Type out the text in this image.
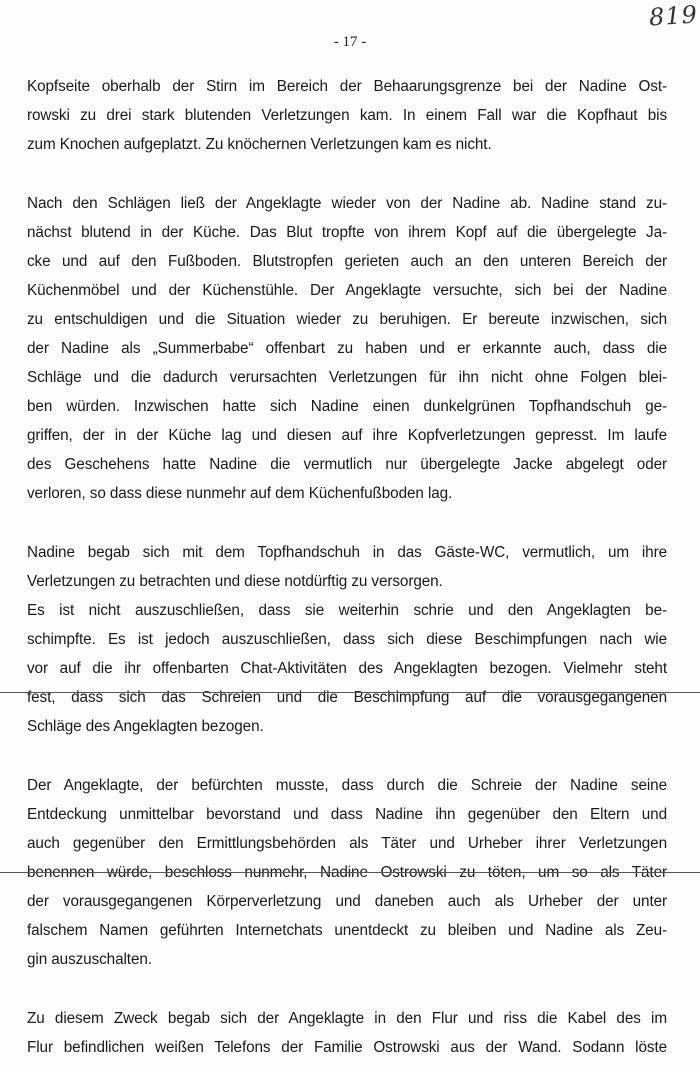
819
- 17 -
Kopfseite oberhalb der Stirn im Bereich der Behaarungsgrenze bei der Nadine Ost-
rowski zu drei stark blutenden Verletzungen kam. In einem Fall war die Kopfhaut bis
zum Knochen aufgeplatzt. Zu knöchernen Verletzungen kam es nicht.
Nach den Schlägen ließ der Angeklagte wieder von der Nadine ab. Nadine stand zu-
nächst blutend in der Küche. Das Blut tropfte von ihrem Kopf auf die übergelegte Ja-
cke und auf den Fußboden. Blutstropfen gerieten auch an den unteren Bereich der
Küchenmöbel und der Küchenstühle. Der Angeklagte versuchte, sich bei der Nadine
zu entschuldigen und die Situation wieder zu beruhigen. Er bereute inzwischen, sich
der Nadine als „Summerbabe“ offenbart zu haben und er erkannte auch, dass die
Schläge und die dadurch verursachten Verletzungen für ihn nicht ohne Folgen blei-
ben würden. Inzwischen hatte sich Nadine einen dunkelgrünen Topfhandschuh ge-
griffen, der in der Küche lag und diesen auf ihre Kopfverletzungen gepresst. Im laufe
des Geschehens hatte Nadine die vermutlich nur übergelegte Jacke abgelegt oder
verloren, so dass diese nunmehr auf dem Küchenfußboden lag.
Nadine begab sich mit dem Topfhandschuh in das Gäste-WC, vermutlich, um ihre
Verletzungen zu betrachten und diese notdürftig zu versorgen.
Es ist nicht auszuschließen, dass sie weiterhin schrie und den Angeklagten be-
schimpfte. Es ist jedoch auszuschließen, dass sich diese Beschimpfungen nach wie
vor auf die ihr offenbarten Chat-Aktivitäten des Angeklagten bezogen. Vielmehr steht
fest, dass sich das Schreien und die Beschimpfung auf die vorausgegangenen
Schläge des Angeklagten bezogen.
Der Angeklagte, der befürchten musste, dass durch die Schreie der Nadine seine
Entdeckung unmittelbar bevorstand und dass Nadine ihn gegenüber den Eltern und
auch gegenüber den Ermittlungsbehörden als Täter und Urheber ihrer Verletzungen
benennen würde, beschloss nunmehr, Nadine Ostrowski zu töten, um so als Täter
der vorausgegangenen Körperverletzung und daneben auch als Urheber der unter
falschem Namen geführten Internetchats unentdeckt zu bleiben und Nadine als Zeu-
gin auszuschalten.
Zu diesem Zweck begab sich der Angeklagte in den Flur und riss die Kabel des im
Flur befindlichen weißen Telefons der Familie Ostrowski aus der Wand. Sodann löste
